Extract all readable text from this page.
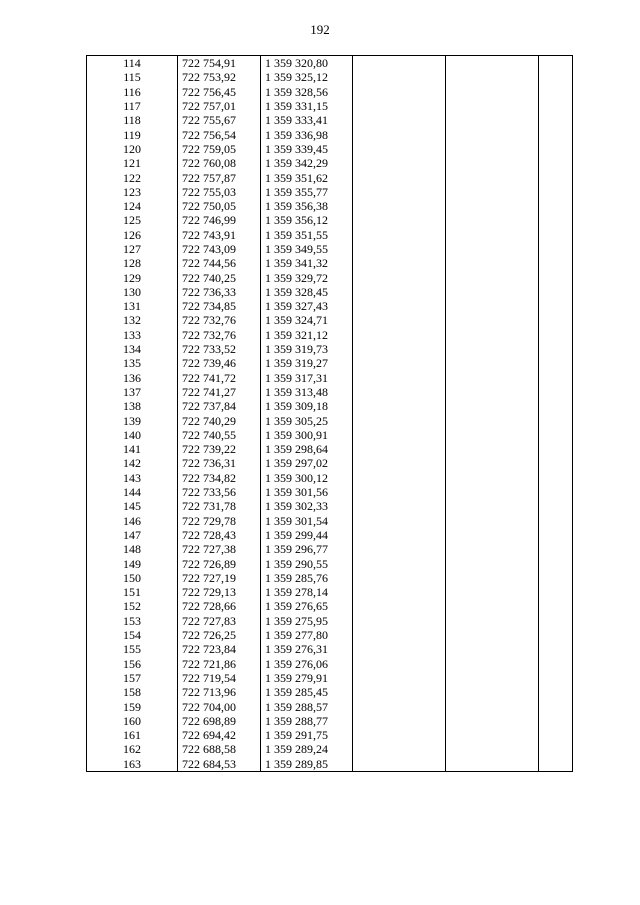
192
114	722 754,91	1 359 320,80			
115	722 753,92	1 359 325,12			
116	722 756,45	1 359 328,56			
117	722 757,01	1 359 331,15			
118	722 755,67	1 359 333,41			
119	722 756,54	1 359 336,98			
120	722 759,05	1 359 339,45			
121	722 760,08	1 359 342,29			
122	722 757,87	1 359 351,62			
123	722 755,03	1 359 355,77			
124	722 750,05	1 359 356,38			
125	722 746,99	1 359 356,12			
126	722 743,91	1 359 351,55			
127	722 743,09	1 359 349,55			
128	722 744,56	1 359 341,32			
129	722 740,25	1 359 329,72			
130	722 736,33	1 359 328,45			
131	722 734,85	1 359 327,43			
132	722 732,76	1 359 324,71			
133	722 732,76	1 359 321,12			
134	722 733,52	1 359 319,73			
135	722 739,46	1 359 319,27			
136	722 741,72	1 359 317,31			
137	722 741,27	1 359 313,48			
138	722 737,84	1 359 309,18			
139	722 740,29	1 359 305,25			
140	722 740,55	1 359 300,91			
141	722 739,22	1 359 298,64			
142	722 736,31	1 359 297,02			
143	722 734,82	1 359 300,12			
144	722 733,56	1 359 301,56			
145	722 731,78	1 359 302,33			
146	722 729,78	1 359 301,54			
147	722 728,43	1 359 299,44			
148	722 727,38	1 359 296,77			
149	722 726,89	1 359 290,55			
150	722 727,19	1 359 285,76			
151	722 729,13	1 359 278,14			
152	722 728,66	1 359 276,65			
153	722 727,83	1 359 275,95			
154	722 726,25	1 359 277,80			
155	722 723,84	1 359 276,31			
156	722 721,86	1 359 276,06			
157	722 719,54	1 359 279,91			
158	722 713,96	1 359 285,45			
159	722 704,00	1 359 288,57			
160	722 698,89	1 359 288,77			
161	722 694,42	1 359 291,75			
162	722 688,58	1 359 289,24			
163	722 684,53	1 359 289,85			
